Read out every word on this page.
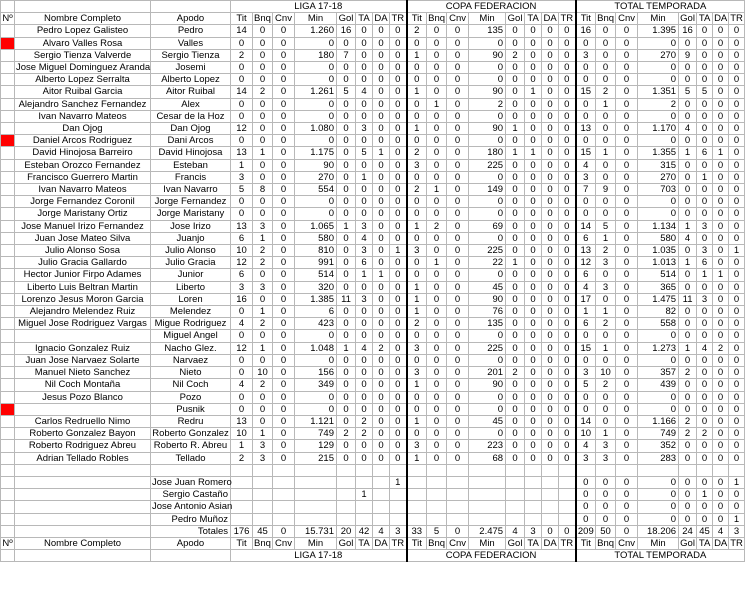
			LIGA 17-18								COPA FEDERACION								TOTAL TEMPORADA							
Nº	Nombre Completo	Apodo	Tit	Bnq	Cnv	Min	Gol	TA	DA	TR	Tit	Bnq	Cnv	Min	Gol	TA	DA	TR	Tit	Bnq	Cnv	Min	Gol	TA	DA	TR
	Pedro Lopez Galisteo	Pedro	14	0	0	1.260	16	0	0	0	2	0	0	135	0	0	0	0	16	0	0	1.395	16	0	0	0
	Alvaro Valles Rosa	Valles	0	0	0	0	0	0	0	0	0	0	0	0	0	0	0	0	0	0	0	0	0	0	0	0
	Sergio Tienza Valverde	Sergio Tienza	2	0	0	180	7	0	0	0	1	0	0	90	2	0	0	0	3	0	0	270	9	0	0	0
	Jose Miguel Dominguez Aranda	Josemi	0	0	0	0	0	0	0	0	0	0	0	0	0	0	0	0	0	0	0	0	0	0	0	0
	Alberto Lopez Serralta	Alberto Lopez	0	0	0	0	0	0	0	0	0	0	0	0	0	0	0	0	0	0	0	0	0	0	0	0
	Aitor Ruibal Garcia	Aitor Ruibal	14	2	0	1.261	5	4	0	0	1	0	0	90	0	1	0	0	15	2	0	1.351	5	5	0	0
	Alejandro Sanchez Fernandez	Alex	0	0	0	0	0	0	0	0	0	1	0	2	0	0	0	0	0	1	0	2	0	0	0	0
	Ivan Navarro Mateos	Cesar de la Hoz	0	0	0	0	0	0	0	0	0	0	0	0	0	0	0	0	0	0	0	0	0	0	0	0
	Dan Ojog	Dan Ojog	12	0	0	1.080	0	3	0	0	1	0	0	90	1	0	0	0	13	0	0	1.170	4	0	0	0
	Daniel Arcos Rodriguez	Dani Arcos	0	0	0	0	0	0	0	0	0	0	0	0	0	0	0	0	0	0	0	0	0	0	0	0
	David Hinojosa Barreiro	David Hinojosa	13	1	0	1.175	0	5	1	0	2	0	0	180	1	1	0	0	15	1	0	1.355	1	6	1	0
	Esteban Orozco Fernandez	Esteban	1	0	0	90	0	0	0	0	3	0	0	225	0	0	0	0	4	0	0	315	0	0	0	0
	Francisco Guerrero Martin	Francis	3	0	0	270	0	1	0	0	0	0	0	0	0	0	0	0	3	0	0	270	0	1	0	0
	Ivan Navarro Mateos	Ivan Navarro	5	8	0	554	0	0	0	0	2	1	0	149	0	0	0	0	7	9	0	703	0	0	0	0
	Jorge Fernandez Coronil	Jorge Fernandez	0	0	0	0	0	0	0	0	0	0	0	0	0	0	0	0	0	0	0	0	0	0	0	0
	Jorge Maristany Ortiz	Jorge Maristany	0	0	0	0	0	0	0	0	0	0	0	0	0	0	0	0	0	0	0	0	0	0	0	0
	Jose Manuel Irizo Fernandez	Jose Irizo	13	3	0	1.065	1	3	0	0	1	2	0	69	0	0	0	0	14	5	0	1.134	1	3	0	0
	Juan Jose Mateo Silva	Juanjo	6	1	0	580	0	4	0	0	0	0	0	0	0	0	0	0	6	1	0	580	4	0	0	0
	Julio Alonso Sosa	Julio Alonso	10	2	0	810	0	3	0	1	3	0	0	225	0	0	0	0	13	2	0	1.035	0	3	0	1
	Julio Gracia Gallardo	Julio Gracia	12	2	0	991	0	6	0	0	0	1	0	22	1	0	0	0	12	3	0	1.013	1	6	0	0
	Hector Junior Firpo Adames	Junior	6	0	0	514	0	1	1	0	0	0	0	0	0	0	0	0	6	0	0	514	0	1	1	0
	Liberto Luis Beltran Martin	Liberto	3	3	0	320	0	0	0	0	1	0	0	45	0	0	0	0	4	3	0	365	0	0	0	0
	Lorenzo Jesus Moron Garcia	Loren	16	0	0	1.385	11	3	0	0	1	0	0	90	0	0	0	0	17	0	0	1.475	11	3	0	0
	Alejandro Melendez Ruiz	Melendez	0	1	0	6	0	0	0	0	1	0	0	76	0	0	0	0	1	1	0	82	0	0	0	0
	Miguel Jose Rodriguez Vargas	Migue Rodriguez	4	2	0	423	0	0	0	0	2	0	0	135	0	0	0	0	6	2	0	558	0	0	0	0
		Miguel Angel	0	0	0	0	0	0	0	0	0	0	0	0	0	0	0	0	0	0	0	0	0	0	0	0
	Ignacio Gonzalez Ruiz	Nacho Glez.	12	1	0	1.048	1	4	2	0	3	0	0	225	0	0	0	0	15	1	0	1.273	1	4	2	0
	Juan Jose Narvaez Solarte	Narvaez	0	0	0	0	0	0	0	0	0	0	0	0	0	0	0	0	0	0	0	0	0	0	0	0
	Manuel Nieto Sanchez	Nieto	0	10	0	156	0	0	0	0	3	0	0	201	2	0	0	0	3	10	0	357	2	0	0	0
	Nil Coch Montaña	Nil Coch	4	2	0	349	0	0	0	0	1	0	0	90	0	0	0	0	5	2	0	439	0	0	0	0
	Jesus Pozo Blanco	Pozo	0	0	0	0	0	0	0	0	0	0	0	0	0	0	0	0	0	0	0	0	0	0	0	0
		Pusnik	0	0	0	0	0	0	0	0	0	0	0	0	0	0	0	0	0	0	0	0	0	0	0	0
	Carlos Redruello Nimo	Redru	13	0	0	1.121	0	2	0	0	1	0	0	45	0	0	0	0	14	0	0	1.166	2	0	0	0
	Roberto Gonzalez Bayon	Roberto Gonzalez	10	1	0	749	2	2	0	0	0	0	0	0	0	0	0	0	10	1	0	749	2	2	0	0
	Roberto Rodriguez Abreu	Roberto R. Abreu	1	3	0	129	0	0	0	0	3	0	0	223	0	0	0	0	4	3	0	352	0	0	0	0
	Adrian Tellado Robles	Tellado	2	3	0	215	0	0	0	0	1	0	0	68	0	0	0	0	3	3	0	283	0	0	0	0

		Jose Juan Romero								1									0	0	0	0	0	0	0	1
		Sergio Castaño						1											0	0	0	0	0	1	0	0
		Jose Antonio Asian																	0	0	0	0	0	0	0	0
		Pedro Muñoz																	0	0	0	0	0	0	0	1
		Totales	176	45	0	15.731	20	42	4	3	33	5	0	2.475	4	3	0	0	209	50	0	18.206	24	45	4	3
Nº	Nombre Completo	Apodo	Tit	Bnq	Cnv	Min	Gol	TA	DA	TR	Tit	Bnq	Cnv	Min	Gol	TA	DA	TR	Tit	Bnq	Cnv	Min	Gol	TA	DA	TR
			LIGA 17-18								COPA FEDERACION								TOTAL TEMPORADA							
